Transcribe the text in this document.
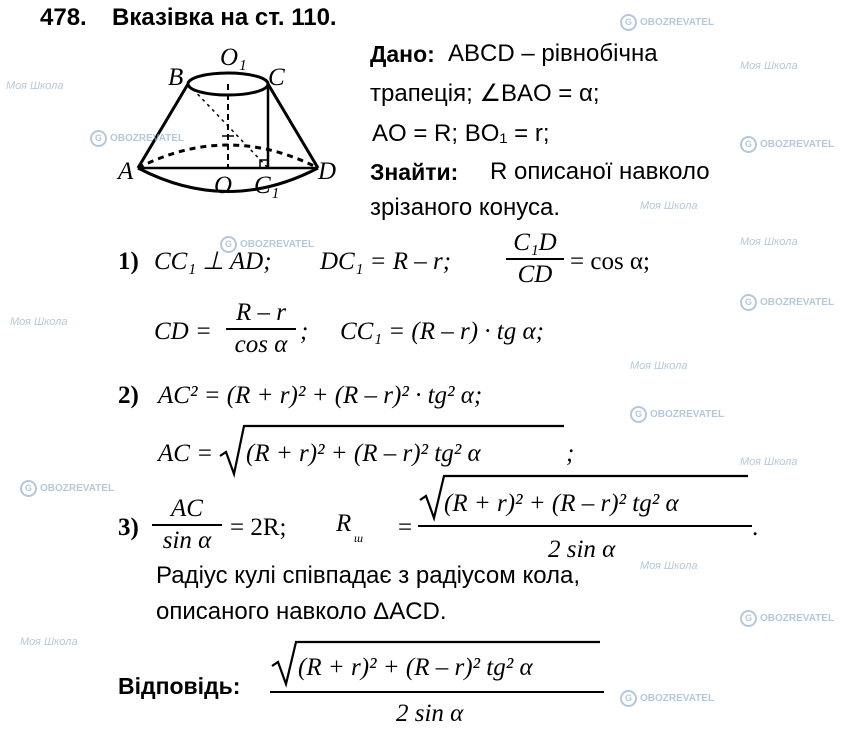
478. Вказівка на ст. 110.
B
O₁
C
A
O C₁
D
Дано: ABCD – рівнобічна
трапеція; ∠BAO = α;
AO = R; BO₁ = r;
Знайти: R описаної навколо
зрізаного конуса.
1) CC₁ ⊥ AD; DC₁ = R – r;
C₁D
CD = cos α;
CD =
R – r
cos α ; CC₁ = (R – r) · tg α;
2) AC² = (R + r)² + (R – r)² · tg² α;
AC = (R + r)² + (R – r)² tg² α	;
3)
AC
sin α = 2R; R
ш =
(R + r)² + (R – r)² tg² α
2 sin α
.
Радіус кулі співпадає з радіусом кола,
описаного навколо ΔACD.
Відповідь:
(R + r)² + (R – r)² tg² α
2 sin α
Моя Школа
G OBOZREVATEL
Моя Школа
G OBOZREVATEL
G OBOZREVATEL
Моя Школа
G OBOZREVATEL	Моя Школа
G OBOZREVATEL
Моя Школа
Моя Школа
G OBOZREVATEL
Моя Школа
G OBOZREVATEL
Моя Школа
G OBOZREVATEL
Моя Школа
G OBOZREVATEL
